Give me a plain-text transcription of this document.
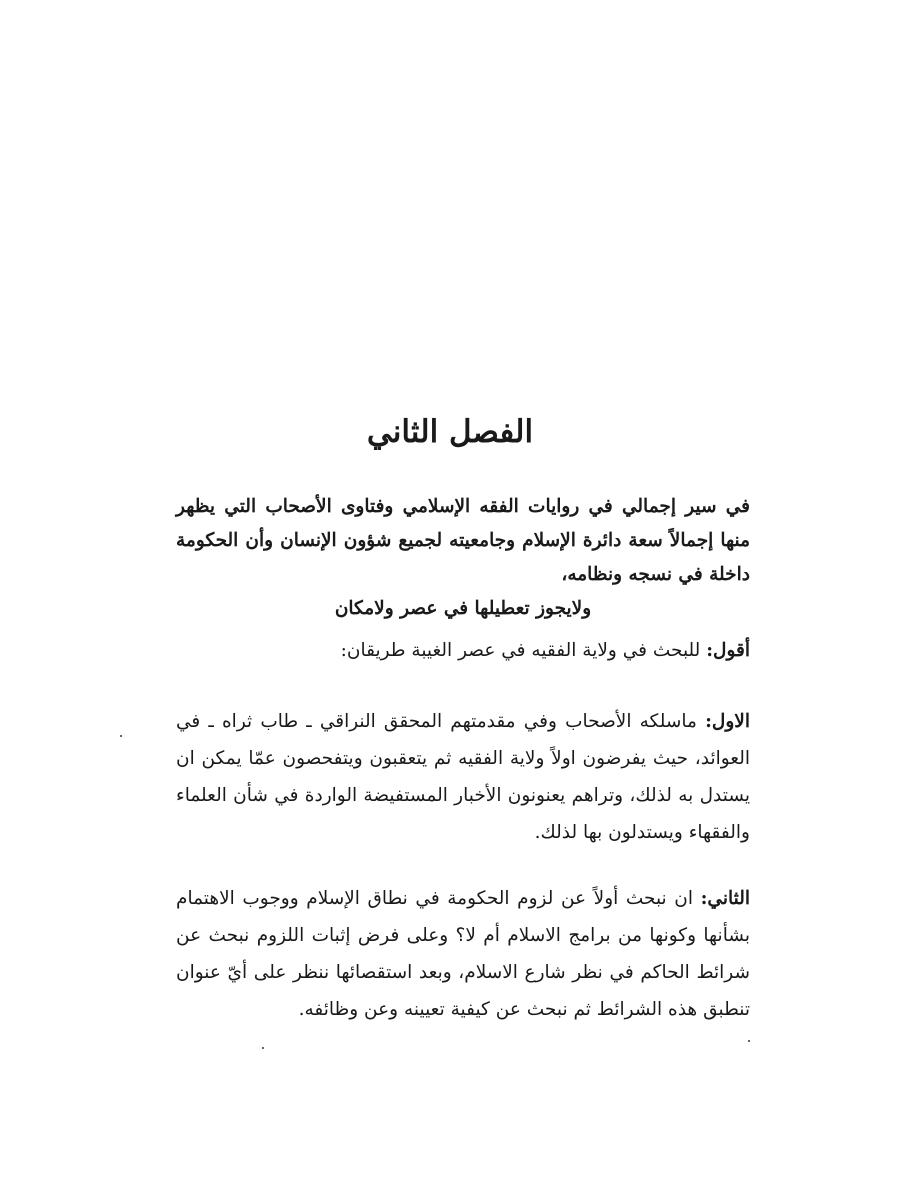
الفصل الثاني
في سير إجمالي في روايات الفقه الإسلامي وفتاوى الأصحاب التي يظهر منها إجمالاً سعة دائرة الإسلام وجامعيته لجميع شؤون الإنسان وأن الحكومة داخلة في نسجه ونظامه،
ولايجوز تعطيلها في عصر ولامكان
أقول: للبحث في ولاية الفقيه في عصر الغيبة طريقان:
الاول: ماسلكه الأصحاب وفي مقدمتهم المحقق النراقي ـ طاب ثراه ـ في العوائد، حيث يفرضون اولاً ولاية الفقيه ثم يتعقبون ويتفحصون عمّا يمكن ان يستدل به لذلك، وتراهم يعنونون الأخبار المستفيضة الواردة في شأن العلماء والفقهاء ويستدلون بها لذلك.
الثاني: ان نبحث أولاً عن لزوم الحكومة في نطاق الإسلام ووجوب الاهتمام بشأنها وكونها من برامج الاسلام أم لا؟ وعلى فرض إثبات اللزوم نبحث عن شرائط الحاكم في نظر شارع الاسلام، وبعد استقصائها ننظر على أيّ عنوان تنطبق هذه الشرائط ثم نبحث عن كيفية تعيينه وعن وظائفه.
